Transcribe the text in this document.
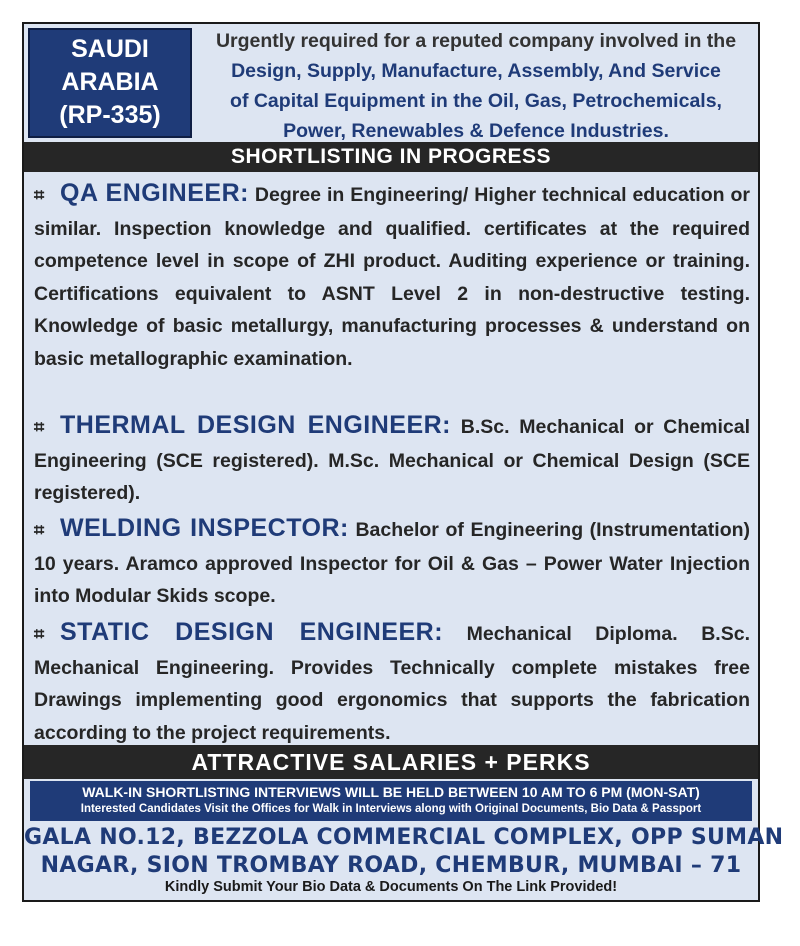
SAUDI
ARABIA
(RP-335)
Urgently required for a reputed company involved in the
Design, Supply, Manufacture, Assembly, And Service
of Capital Equipment in the Oil, Gas, Petrochemicals,
Power, Renewables & Defence Industries.
SHORTLISTING IN PROGRESS
⌗ QA ENGINEER: Degree in Engineering/ Higher technical education or similar. Inspection knowledge and qualified. certificates at the required competence level in scope of ZHI product. Auditing experience or training. Certifications equivalent to ASNT Level 2 in non-destructive testing. Knowledge of basic metallurgy, manufacturing processes & understand on basic metallographic examination.
⌗ THERMAL DESIGN ENGINEER: B.Sc. Mechanical or Chemical Engineering (SCE registered). M.Sc. Mechanical or Chemical Design (SCE registered).
⌗ WELDING INSPECTOR: Bachelor of Engineering (Instrumentation) 10 years. Aramco approved Inspector for Oil & Gas – Power Water Injection into Modular Skids scope.
⌗ STATIC DESIGN ENGINEER: Mechanical Diploma. B.Sc. Mechanical Engineering. Provides Technically complete mistakes free Drawings implementing good ergonomics that supports the fabrication according to the project requirements.
ATTRACTIVE SALARIES + PERKS
WALK-IN SHORTLISTING INTERVIEWS WILL BE HELD BETWEEN 10 AM TO 6 PM (MON-SAT)
Interested Candidates Visit the Offices for Walk in Interviews along with Original Documents, Bio Data & Passport
GALA NO.12, BEZZOLA COMMERCIAL COMPLEX, OPP SUMAN
NAGAR, SION TROMBAY ROAD, CHEMBUR, MUMBAI – 71
Kindly Submit Your Bio Data & Documents On The Link Provided!
